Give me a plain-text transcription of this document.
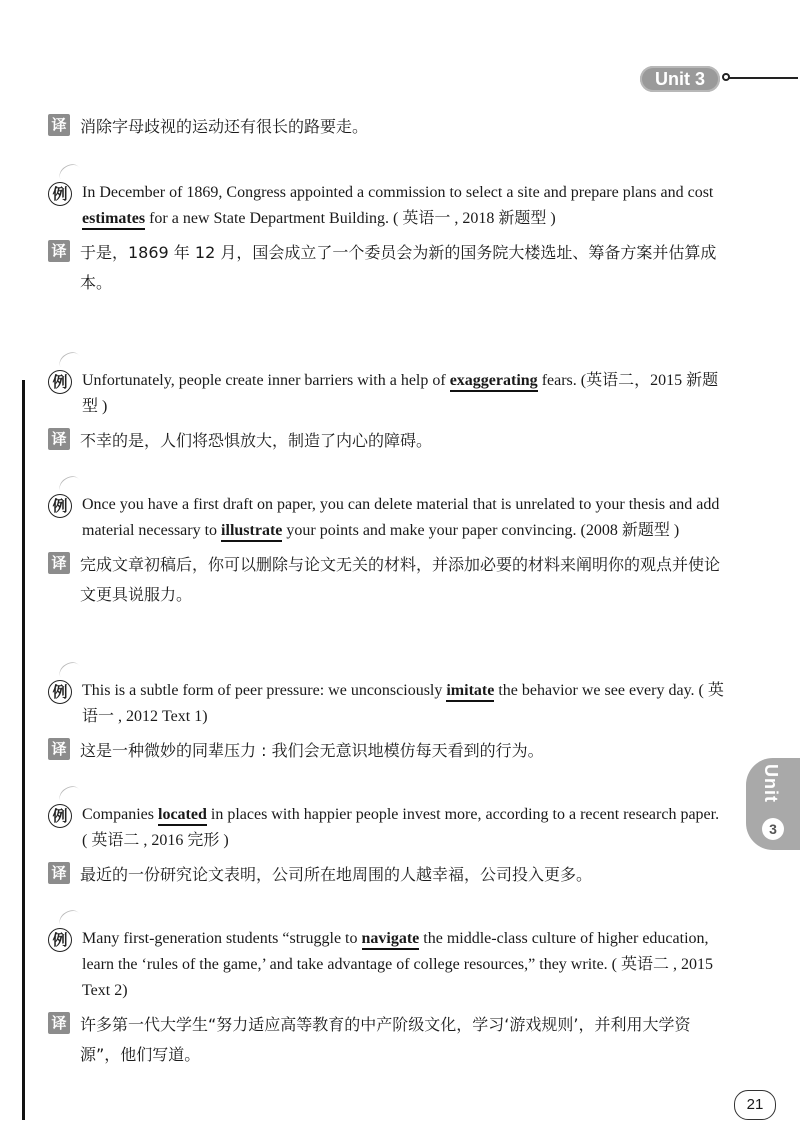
Unit 3
Unit
3
译 消除字母歧视的运动还有很长的路要走。
例 In December of 1869, Congress appointed a commission to select a site and prepare plans and cost estimates for a new State Department Building. ( 英语一 , 2018 新题型 )
译 于是，1869 年 12 月，国会成立了一个委员会为新的国务院大楼选址、筹备方案并估算成本。
例 Unfortunately, people create inner barriers with a help of exaggerating fears. (英语二，2015 新题型 )
译 不幸的是，人们将恐惧放大，制造了内心的障碍。
例 Once you have a first draft on paper, you can delete material that is unrelated to your thesis and add material necessary to illustrate your points and make your paper convincing. (2008 新题型 )
译 完成文章初稿后，你可以删除与论文无关的材料，并添加必要的材料来阐明你的观点并使论文更具说服力。
例 This is a subtle form of peer pressure: we unconsciously imitate the behavior we see every day. ( 英语一 , 2012 Text 1)
译 这是一种微妙的同辈压力 : 我们会无意识地模仿每天看到的行为。
例 Companies located in places with happier people invest more, according to a recent research paper. ( 英语二 , 2016 完形 )
译 最近的一份研究论文表明，公司所在地周围的人越幸福，公司投入更多。
例 Many first-generation students “struggle to navigate the middle-class culture of higher education, learn the ‘rules of the game,’ and take advantage of college resources,” they write. ( 英语二 , 2015 Text 2)
译 许多第一代大学生“努力适应高等教育的中产阶级文化，学习‘游戏规则’，并利用大学资源”，他们写道。
21
